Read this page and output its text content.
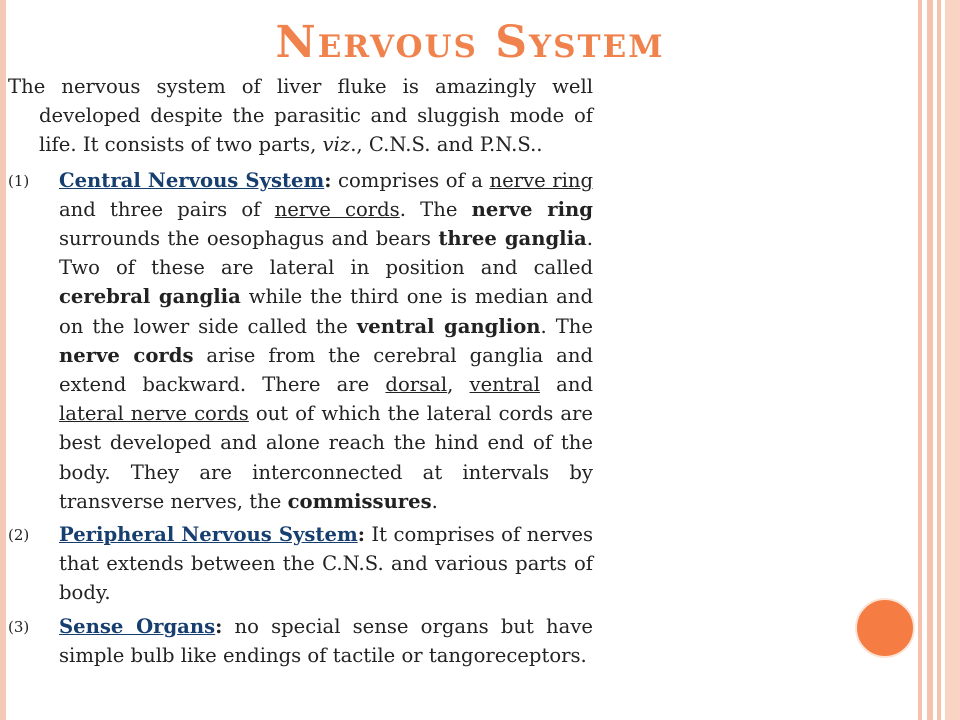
Nervous System

The nervous system of liver fluke is amazingly well developed despite the parasitic and sluggish mode of life. It consists of two parts, viz., C.N.S. and P.N.S..

(1) Central Nervous System: comprises of a nerve ring and three pairs of nerve cords. The nerve ring surrounds the oesophagus and bears three ganglia. Two of these are lateral in position and called cerebral ganglia while the third one is median and on the lower side called the ventral ganglion. The nerve cords arise from the cerebral ganglia and extend backward. There are dorsal, ventral and lateral nerve cords out of which the lateral cords are best developed and alone reach the hind end of the body. They are interconnected at intervals by transverse nerves, the commissures.
(2) Peripheral Nervous System: It comprises of nerves that extends between the C.N.S. and various parts of body.
(3) Sense Organs: no special sense organs but have simple bulb like endings of tactile or tangoreceptors.
